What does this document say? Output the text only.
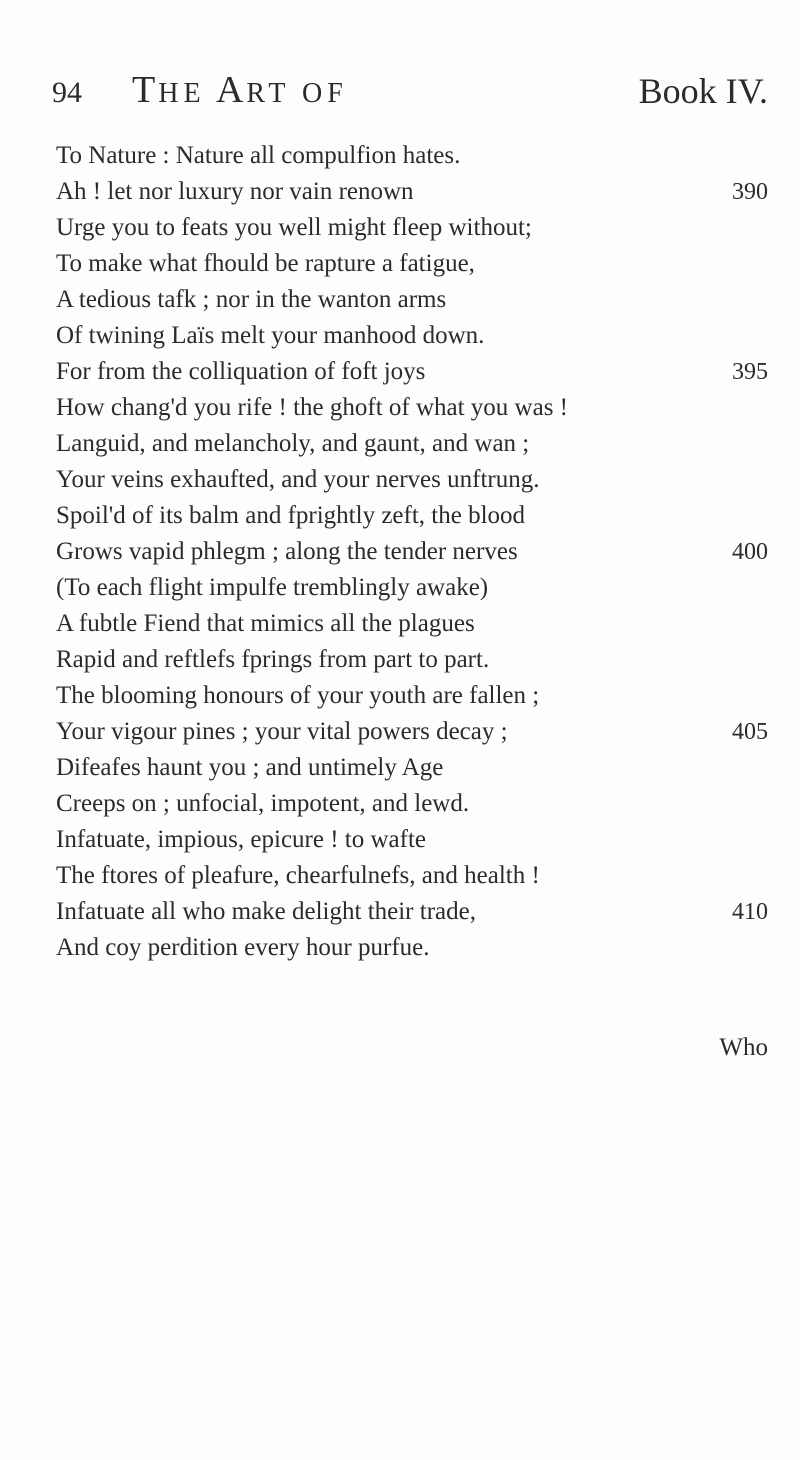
94 THE ART OF	Book IV.
To Nature : Nature all compulfion hates.
Ah ! let nor luxury nor vain renown	390
Urge you to feats you well might fleep without;
To make what fhould be rapture a fatigue,
A tedious tafk ; nor in the wanton arms
Of twining Laïs melt your manhood down.
For from the colliquation of foft joys	395
How chang'd you rife ! the ghoft of what you was !
Languid, and melancholy, and gaunt, and wan ;
Your veins exhaufted, and your nerves unftrung.
Spoil'd of its balm and fprightly zeft, the blood
Grows vapid phlegm ; along the tender nerves	400
(To each flight impulfe tremblingly awake)
A fubtle Fiend that mimics all the plagues
Rapid and reftlefs fprings from part to part.
The blooming honours of your youth are fallen ;
Your vigour pines ; your vital powers decay ;	405
Difeafes haunt you ; and untimely Age
Creeps on ; unfocial, impotent, and lewd.
Infatuate, impious, epicure ! to wafte
The ftores of pleafure, chearfulnefs, and health !
Infatuate all who make delight their trade,	410
And coy perdition every hour purfue.
Who
